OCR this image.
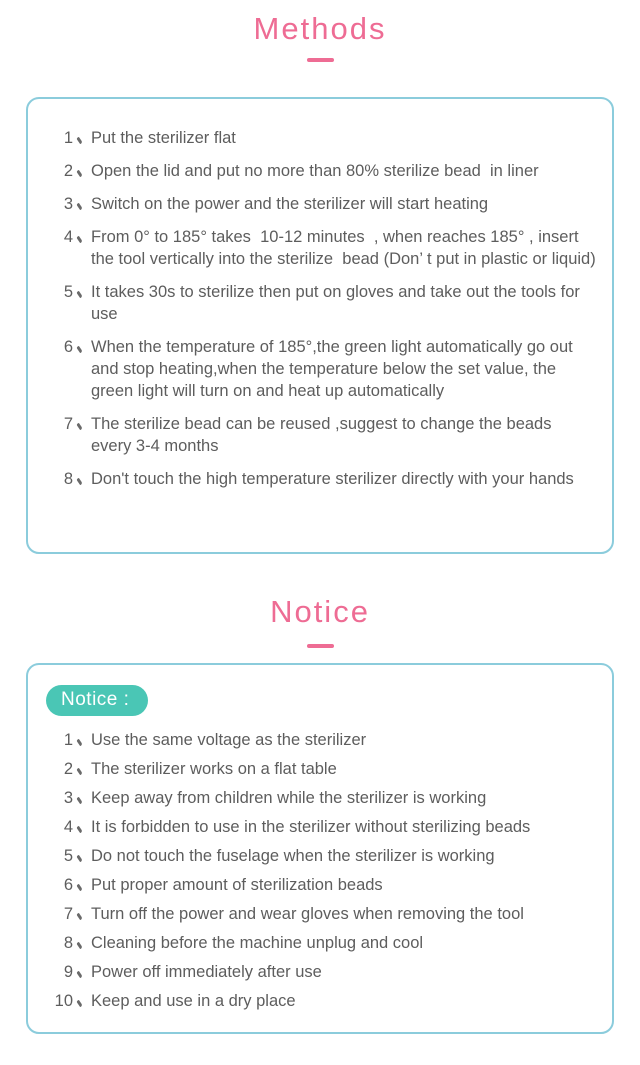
Methods
1 Put the sterilizer flat
2 Open the lid and put no more than 80% sterilize bead  in liner
3 Switch on the power and the sterilizer will start heating
4 From 0° to 185° takes  10-12 minutes  , when reaches 185° , insert the tool vertically into the sterilize  bead (Don’ t put in plastic or liquid)
5 It takes 30s to sterilize then put on gloves and take out the tools for use
6 When the temperature of 185°,the green light automatically go out and stop heating,when the temperature below the set value, the green light will turn on and heat up automatically
7 The sterilize bead can be reused ,suggest to change the beads every 3-4 months
8 Don't touch the high temperature sterilizer directly with your hands
Notice
Notice :
1 Use the same voltage as the sterilizer
2 The sterilizer works on a flat table
3 Keep away from children while the sterilizer is working
4 It is forbidden to use in the sterilizer without sterilizing beads
5 Do not touch the fuselage when the sterilizer is working
6 Put proper amount of sterilization beads
7 Turn off the power and wear gloves when removing the tool
8 Cleaning before the machine unplug and cool
9 Power off immediately after use
10 Keep and use in a dry place
